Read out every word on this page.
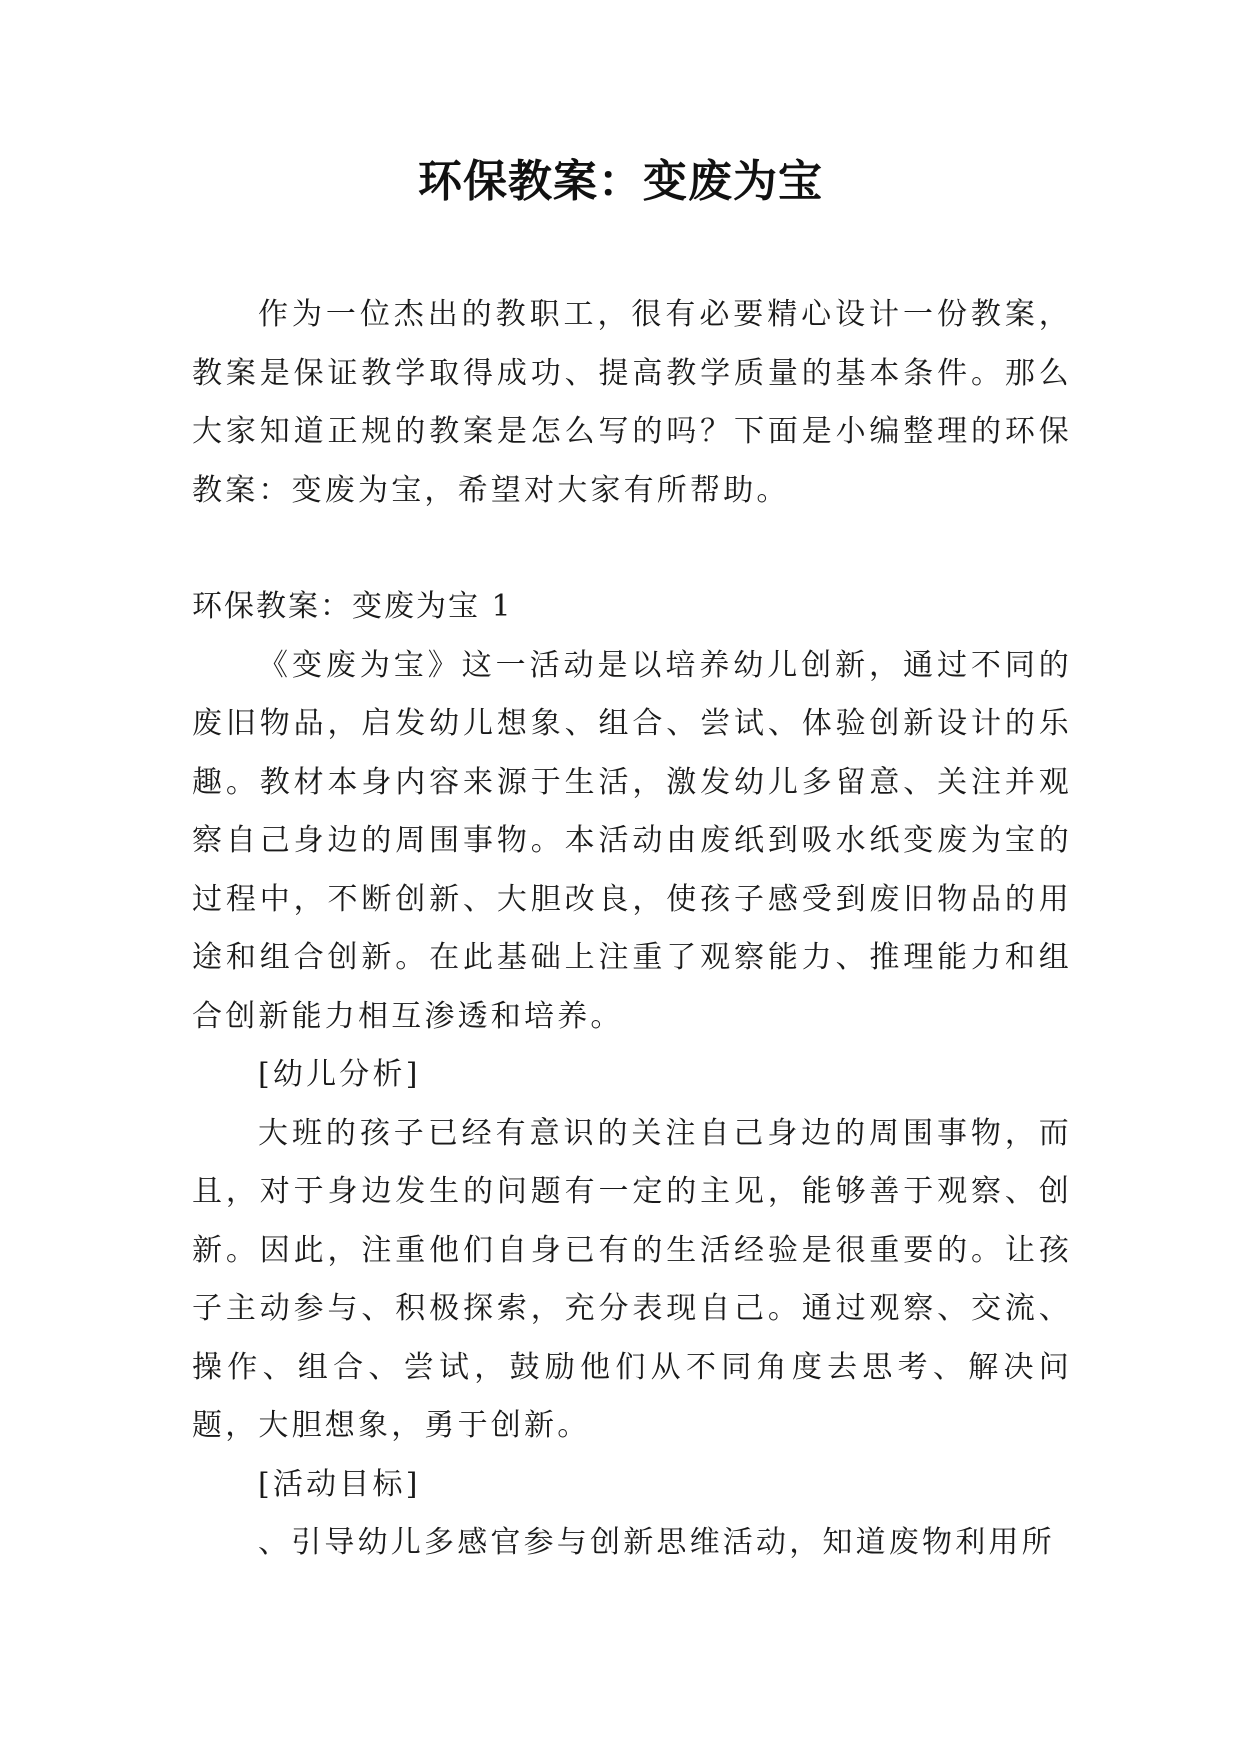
环保教案：变废为宝

作为一位杰出的教职工，很有必要精心设计一份教案，教案是保证教学取得成功、提高教学质量的基本条件。那么大家知道正规的教案是怎么写的吗？下面是小编整理的环保教案：变废为宝，希望对大家有所帮助。

环保教案：变废为宝 1

《变废为宝》这一活动是以培养幼儿创新，通过不同的废旧物品，启发幼儿想象、组合、尝试、体验创新设计的乐趣。教材本身内容来源于生活，激发幼儿多留意、关注并观察自己身边的周围事物。本活动由废纸到吸水纸变废为宝的过程中，不断创新、大胆改良，使孩子感受到废旧物品的用途和组合创新。在此基础上注重了观察能力、推理能力和组合创新能力相互渗透和培养。

[幼儿分析]

大班的孩子已经有意识的关注自己身边的周围事物，而且，对于身边发生的问题有一定的主见，能够善于观察、创新。因此，注重他们自身已有的生活经验是很重要的。让孩子主动参与、积极探索，充分表现自己。通过观察、交流、操作、组合、尝试，鼓励他们从不同角度去思考、解决问题，大胆想象，勇于创新。

[活动目标]

、引导幼儿多感官参与创新思维活动，知道废物利用所
